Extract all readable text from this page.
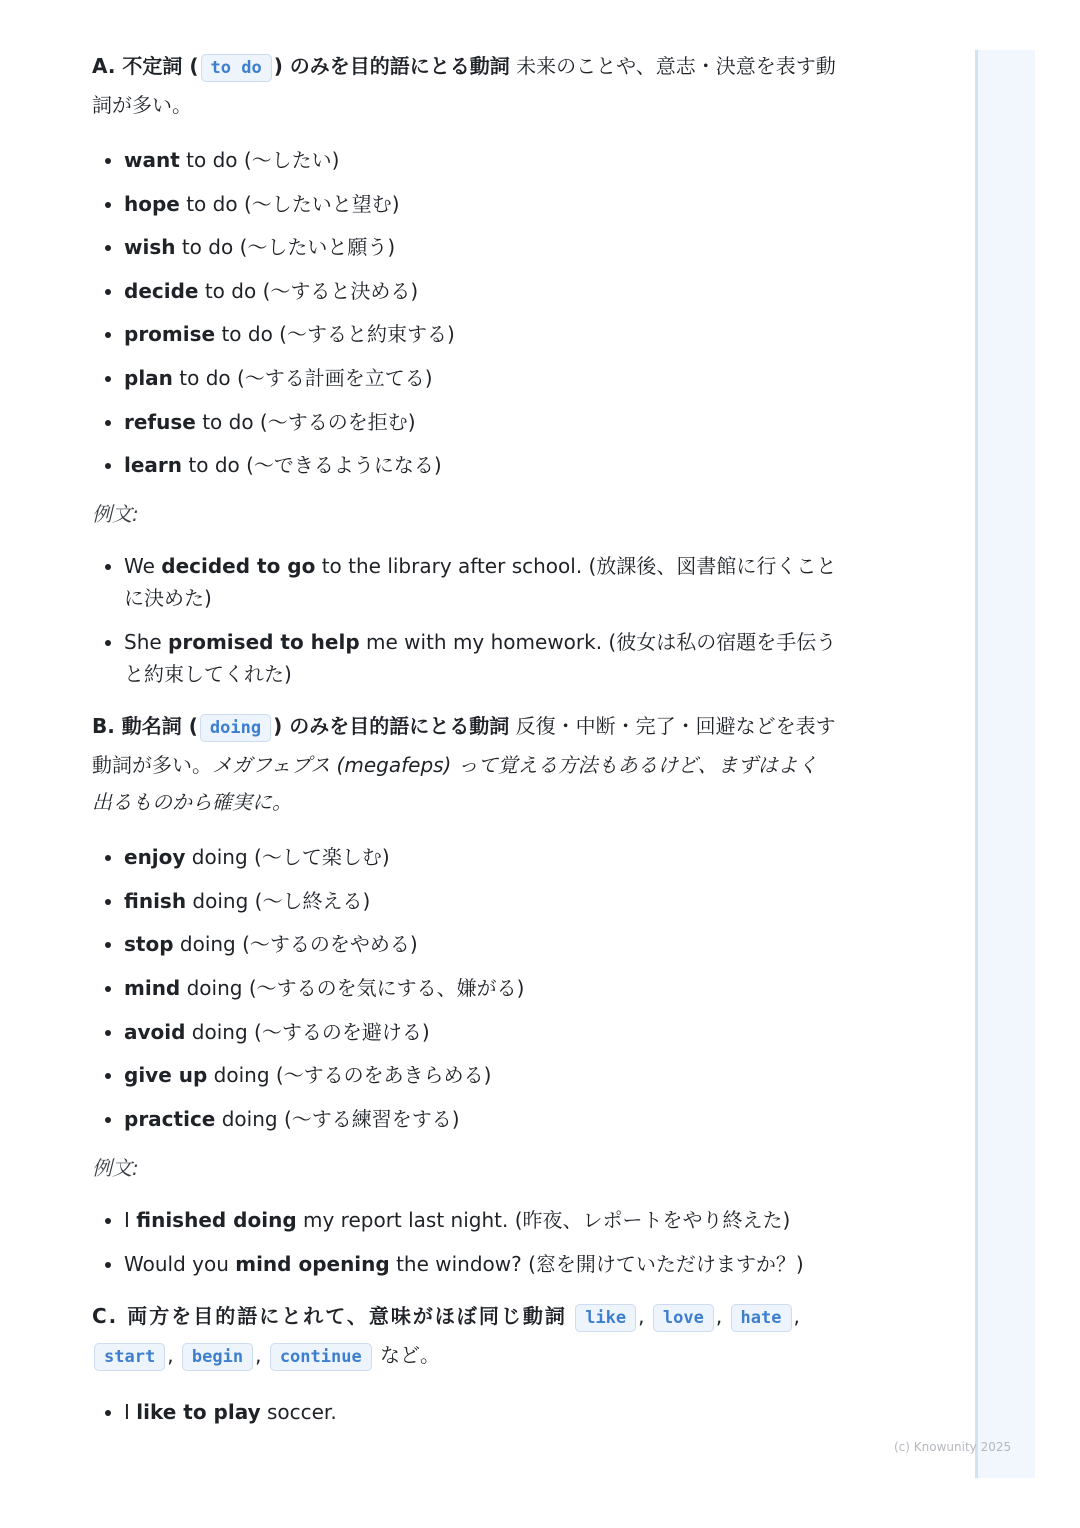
A. 不定詞 ( to do ) のみを目的語にとる動詞 未来のことや、意志・決意を表す動詞が多い。

• want to do (〜したい)
• hope to do (〜したいと望む)
• wish to do (〜したいと願う)
• decide to do (〜すると決める)
• promise to do (〜すると約束する)
• plan to do (〜する計画を立てる)
• refuse to do (〜するのを拒む)
• learn to do (〜できるようになる)

例文:

• We decided to go to the library after school. (放課後、図書館に行くことに決めた)
• She promised to help me with my homework. (彼女は私の宿題を手伝うと約束してくれた)

B. 動名詞 ( doing ) のみを目的語にとる動詞 反復・中断・完了・回避などを表す動詞が多い。メガフェプス (megafeps) って覚える方法もあるけど、まずはよく出るものから確実に。

• enjoy doing (〜して楽しむ)
• finish doing (〜し終える)
• stop doing (〜するのをやめる)
• mind doing (〜するのを気にする、嫌がる)
• avoid doing (〜するのを避ける)
• give up doing (〜するのをあきらめる)
• practice doing (〜する練習をする)

例文:

• I finished doing my report last night. (昨夜、レポートをやり終えた)
• Would you mind opening the window? (窓を開けていただけますか？)

C. 両方を目的語にとれて、意味がほぼ同じ動詞 like , love , hate , start , begin , continue など。

• I like to play soccer.
(c) Knowunity 2025
